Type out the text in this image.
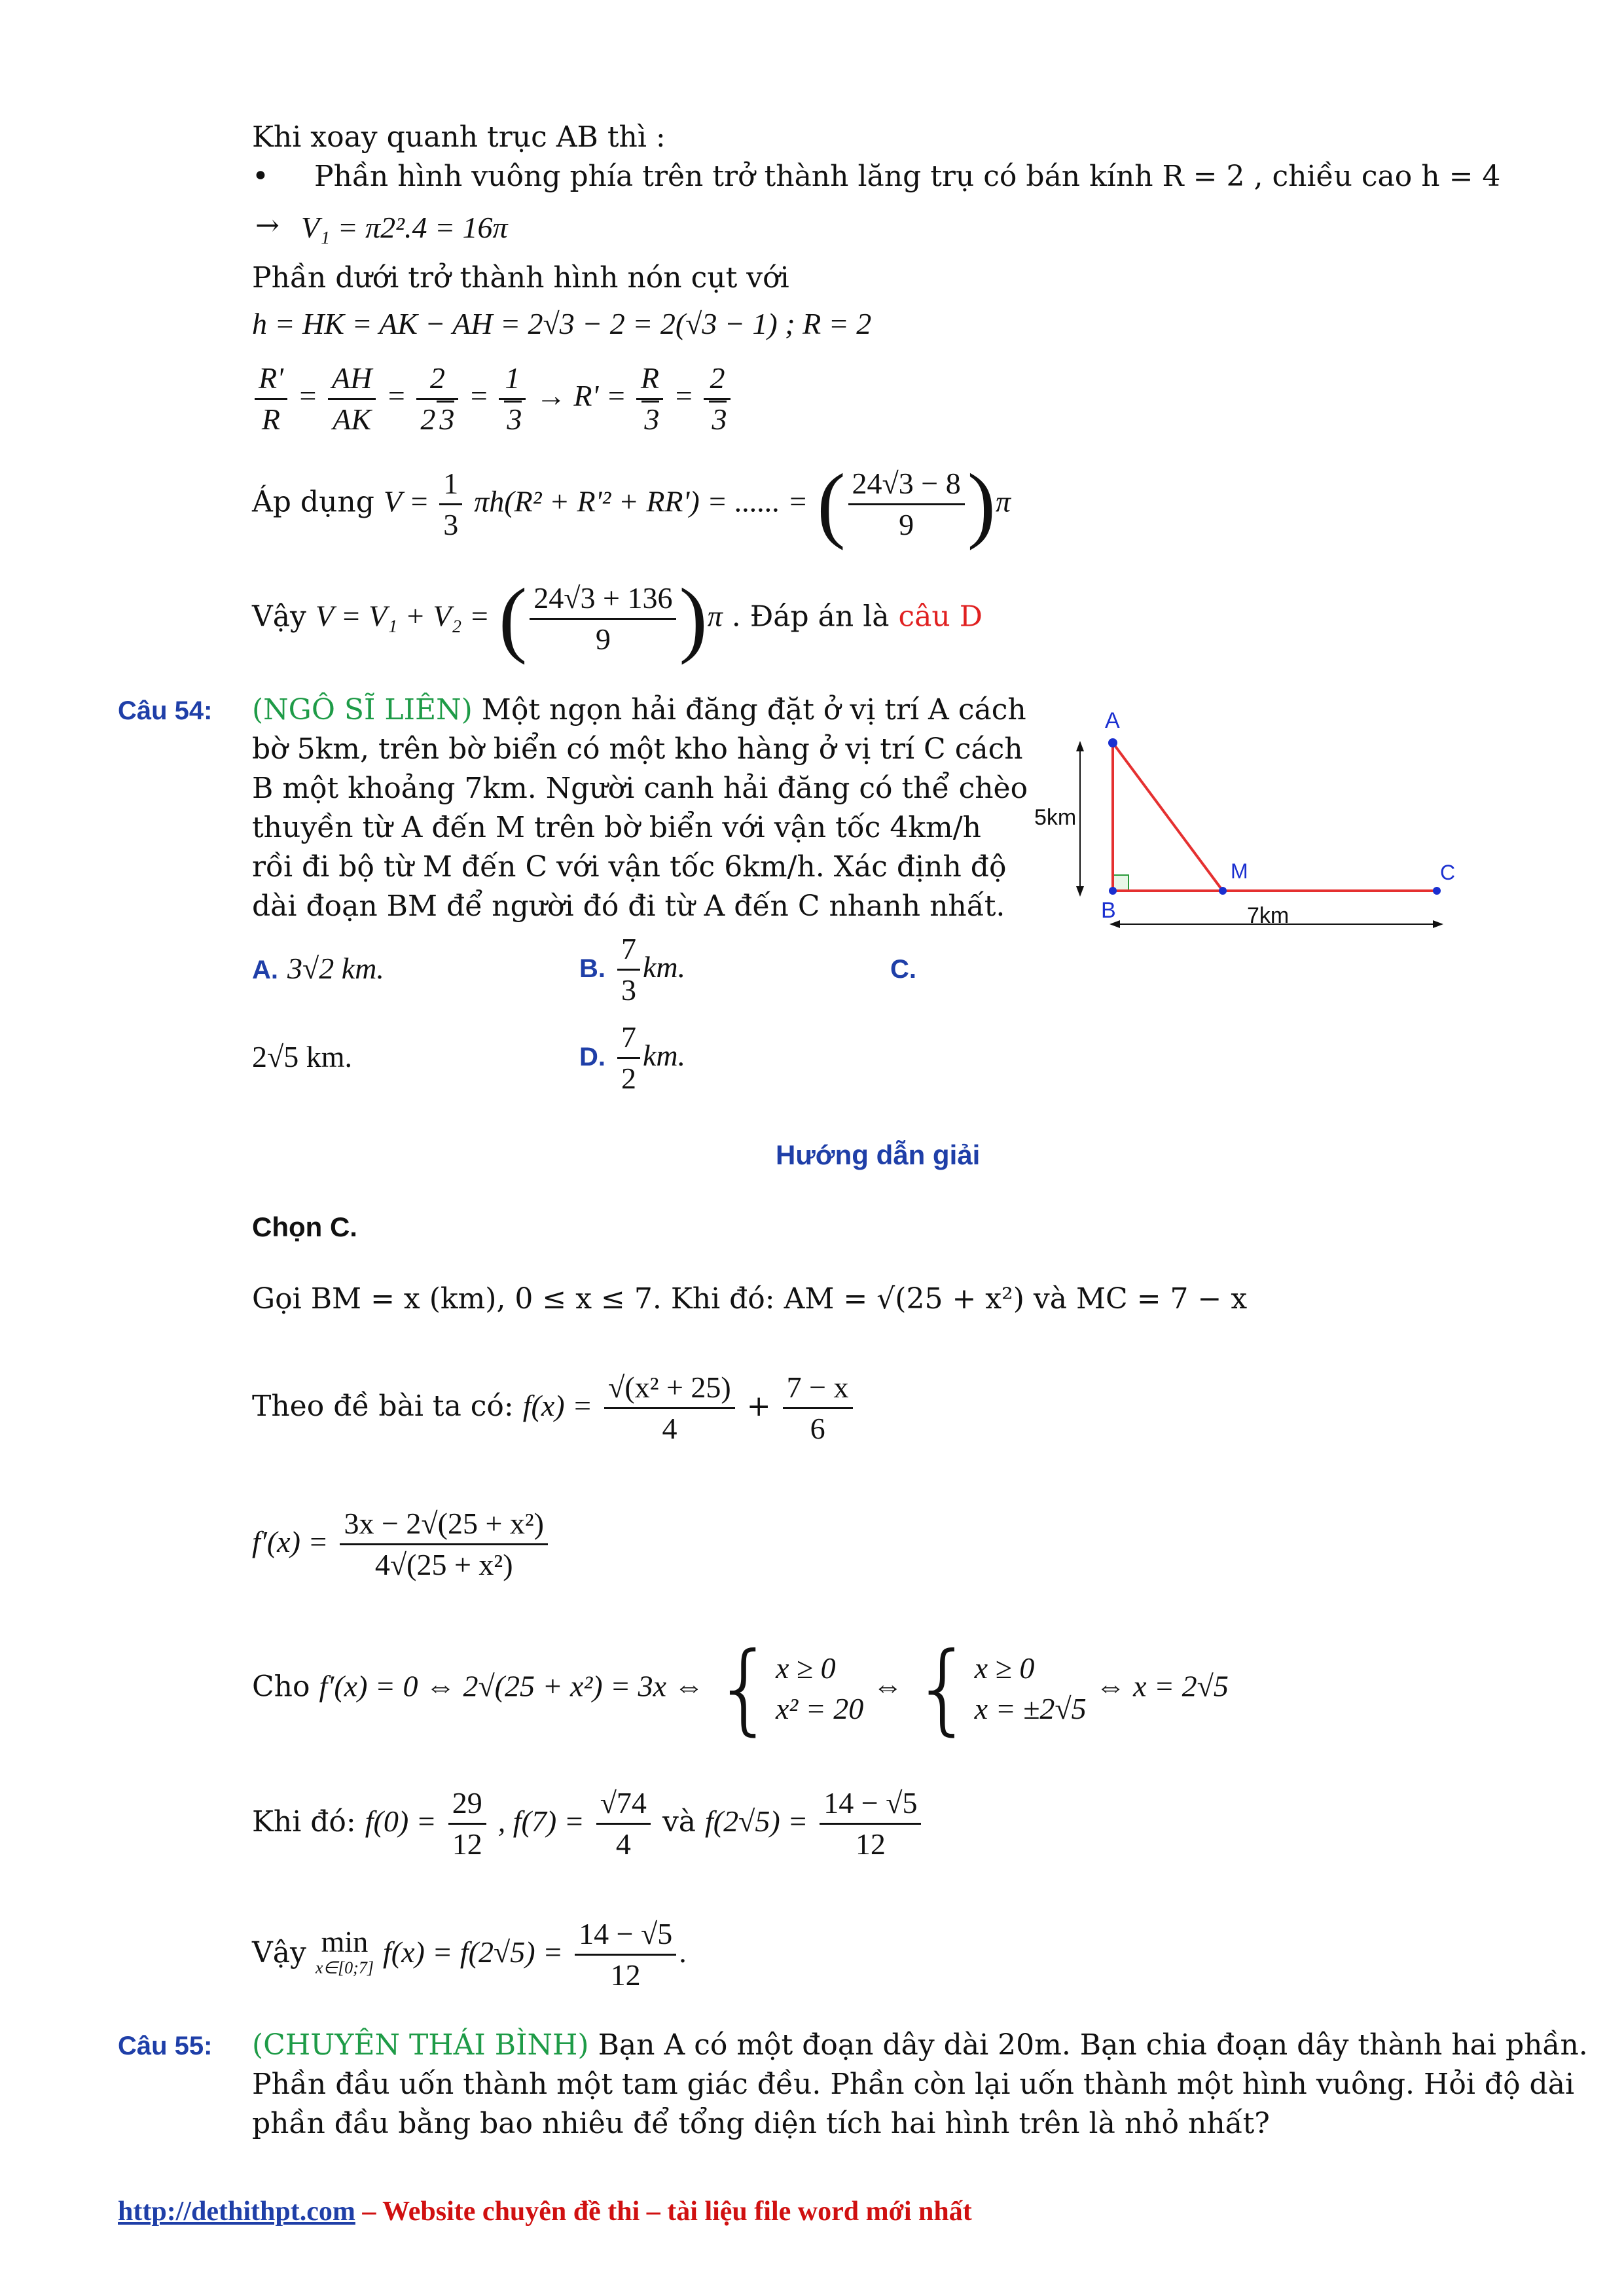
Khi xoay quanh trục AB thì :
• Phần hình vuông phía trên trở thành lăng trụ có bán kính R = 2 , chiều cao h = 4
→ V₁ = π2².4 = 16π
Phần dưới trở thành hình nón cụt với
h = HK = AK − AH = 2√3 − 2 = 2(√3 − 1) ; R = 2
$\frac{R'}{R} = \frac{AH}{AK} = \frac{2}{2 3} = \frac{1}{3} \to R' = \frac{R}{3} = \frac{2}{3}$
Áp dụng $V = \frac{1}{3} \pi h(R^2 + R'^2 + RR')$ = ...... = ( $\frac{24√3 - 8}{9} )\pi$
Vậy V = V₁ + V₂ = ( $\frac{24√3 + 136}{9} )\pi$ . Đáp án là câu D
Câu 54: (NGÔ SĨ LIÊN) Một ngọn hải đăng đặt ở vị trí A cách
bờ 5km, trên bờ biển có một kho hàng ở vị trí C cách
B một khoảng 7km. Người canh hải đăng có thể chèo
thuyền từ A đến M trên bờ biển với vận tốc 4km/h
rồi đi bộ từ M đến C với vận tốc 6km/h. Xác định độ
dài đoạn BM để người đó đi từ A đến C nhanh nhất.
A. 3√2 km.	B. $\frac{7}{3}$ km.	C.
2√5 km.	D. $\frac{7}{2}$ km.
A
B
M	C
5km
7km
Hướng dẫn giải
Chọn C.
Gọi BM = x (km), 0 ≤ x ≤ 7. Khi đó: AM = √(25 + x²) và MC = 7 − x
Theo đề bài ta có: $f(x) = \frac{\text{√(x² + 25)}}{4} + \frac{7 - x}{6}$
$f'(x) = \frac{\text{3x − 2√(25 + x²)}}{\text{4√(25 + x²)}}$
Cho f′(x) = 0 ⇔ 2√(25 + x²) = 3x ⇔ { x ≥ 0
x² = 20
⇔ { x ≥ 0
x = ±2√5
⇔ x = 2√5
Khi đó: $f(0) = \frac{29}{12}$ , $f(7) = \frac{√74}{4}$ và $f(2√5) = \frac{14 - √5}{12}$
Vậy min
x∈[0;7] $f(x) = f(2√5) = \frac{14 - √5}{12}$ .
Câu 55: (CHUYÊN THÁI BÌNH) Bạn A có một đoạn dây dài 20m. Bạn chia đoạn dây thành hai phần.
Phần đầu uốn thành một tam giác đều. Phần còn lại uốn thành một hình vuông. Hỏi độ dài
phần đầu bằng bao nhiêu để tổng diện tích hai hình trên là nhỏ nhất?
http://dethithpt.com – Website chuyên đề thi – tài liệu file word mới nhất
